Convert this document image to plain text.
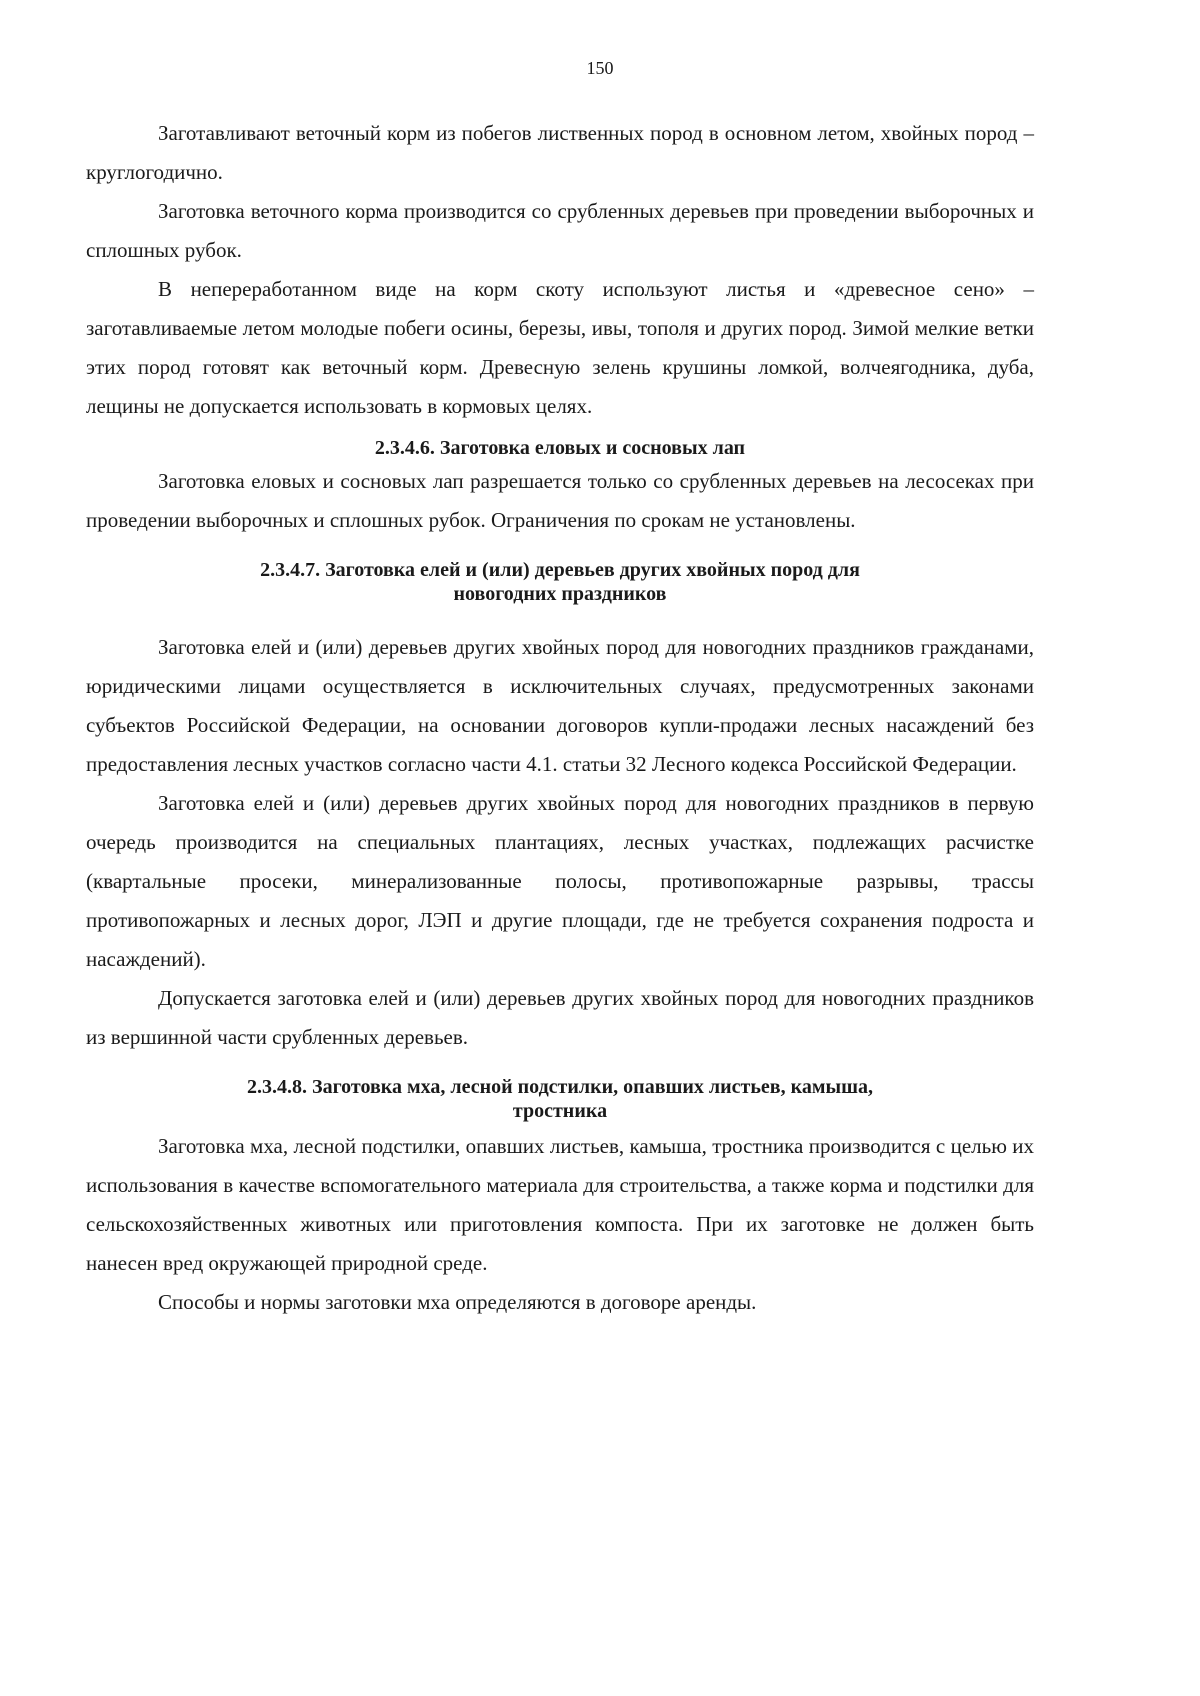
150

Заготавливают веточный корм из побегов лиственных пород в основном летом, хвойных пород – круглогодично.

Заготовка веточного корма производится со срубленных деревьев при проведении выборочных и сплошных рубок.

В непереработанном виде на корм скоту используют листья и «древесное сено» – заготавливаемые летом молодые побеги осины, березы, ивы, тополя и других пород. Зимой мелкие ветки этих пород готовят как веточный корм. Древесную зелень крушины ломкой, волчеягодника, дуба, лещины не допускается использовать в кормовых целях.

2.3.4.6. Заготовка еловых и сосновых лап

Заготовка еловых и сосновых лап разрешается только со срубленных деревьев на лесосеках при проведении выборочных и сплошных рубок. Ограничения по срокам не установлены.

2.3.4.7. Заготовка елей и (или) деревьев других хвойных пород для
новогодних праздников

Заготовка елей и (или) деревьев других хвойных пород для новогодних праздников гражданами, юридическими лицами осуществляется в исключительных случаях, предусмотренных законами субъектов Российской Федерации, на основании договоров купли-продажи лесных насаждений без предоставления лесных участков согласно части 4.1. статьи 32 Лесного кодекса Российской Федерации.

Заготовка елей и (или) деревьев других хвойных пород для новогодних праздников в первую очередь производится на специальных плантациях, лесных участках, подлежащих расчистке (квартальные просеки, минерализованные полосы, противопожарные разрывы, трассы противопожарных и лесных дорог, ЛЭП и другие площади, где не требуется сохранения подроста и насаждений).

Допускается заготовка елей и (или) деревьев других хвойных пород для новогодних праздников из вершинной части срубленных деревьев.

2.3.4.8. Заготовка мха, лесной подстилки, опавших листьев, камыша,
тростника

Заготовка мха, лесной подстилки, опавших листьев, камыша, тростника производится с целью их использования в качестве вспомогательного материала для строительства, а также корма и подстилки для сельскохозяйственных животных или приготовления компоста. При их заготовке не должен быть нанесен вред окружающей природной среде.

Способы и нормы заготовки мха определяются в договоре аренды.
